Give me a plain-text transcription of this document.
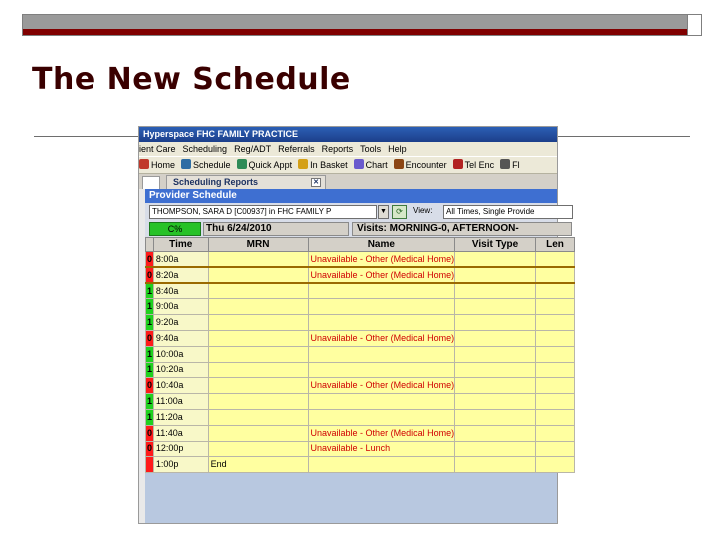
The New Schedule
Hyperspace FHC FAMILY PRACTICE
ient Care Scheduling Reg/ADT Referrals Reports Tools Help
Home Schedule Quick Appt In Basket Chart Encounter Tel Enc Fl
Scheduling Reports	✕
Provider Schedule
THOMPSON, SARA D [C00937] in FHC FAMILY P	▼	⟳	View:	All Times, Single Provide
C%	Thu 6/24/2010	Visits: MORNING-0, AFTERNOON-
	Time	MRN	Name	Visit Type	Len
0	8:00a		Unavailable - Other (Medical Home)		
0	8:20a		Unavailable - Other (Medical Home)		
1	8:40a				
1	9:00a				
1	9:20a				
0	9:40a		Unavailable - Other (Medical Home)		
1	10:00a				
1	10:20a				
0	10:40a		Unavailable - Other (Medical Home)		
1	11:00a				
1	11:20a				
0	11:40a		Unavailable - Other (Medical Home)		
0	12:00p		Unavailable - Lunch		
	1:00p	End			
